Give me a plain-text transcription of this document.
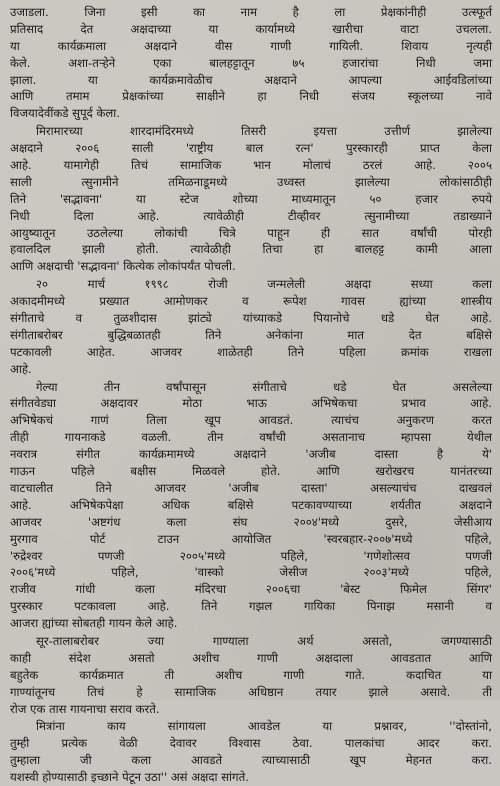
उजाडला. जिना इसी का नाम है ला प्रेक्षकांनीही उत्स्फूर्त
प्रतिसाद देत अक्षदाच्या या कार्यामध्ये खारीचा वाटा उचलला.
या कार्यक्रमाला अक्षदाने वीस गाणी गायिली. शिवाय नृत्यही
केले. अशा-तऱ्हेने एका बालहट्टातून ७५ हजारांचा निधी जमा
झाला. या कार्यक्रमावेळीच अक्षदाने आपल्या आईवडिलांच्या
आणि तमाम प्रेक्षकांच्या साक्षीने हा निधी संजय स्कूलच्या नावे
विजयादेवींकडे सुपूर्द केला.
मिरामारच्या शारदामंदिरमध्ये तिसरी इयत्ता उत्तीर्ण झालेल्या
अक्षदाने २००६ साली 'राष्ट्रीय बाल रत्न' पुरस्कारही प्राप्त केला
आहे. यामागेही तिचं सामाजिक भान मोलाचं ठरलं आहे. २००५
साली त्सुनामीने तमिळनाडूमध्ये उध्वस्त झालेल्या लोकांसाठीही
तिने 'सद्भावना' या स्टेज शोच्या माध्यमातून ५० हजार रुपये
निधी दिला आहे. त्यावेळीही टीव्हीवर त्सुनामीच्या तडाख्याने
आयुष्यातून उठलेल्या लोकांची चित्रे पाहून ही सात वर्षांची पोरही
हवालदिल झाली होती. त्यावेळीही तिचा हा बालहट्ट कामी आला
आणि अक्षदाची 'सद्भावना' कित्येक लोकांपर्यंत पोचली.
२० मार्च १९९८ रोजी जन्मलेली अक्षदा सध्या कला
अकादमीमध्ये प्रख्यात आमोणकर व रूपेश गावस ह्यांच्या शास्त्रीय
संगीताचे व तुळशीदास झांट्ये यांच्याकडे पियानोचे धडे घेत आहे.
संगीताबरोबर बुद्धिबळातही तिने अनेकांना मात देत बक्षिसे
पटकावली आहेत. आजवर शाळेतही तिने पहिला क्रमांक राखला
आहे.
गेल्या तीन वर्षांपासून संगीताचे धडे घेत असलेल्या
संगीतवेड्या अक्षदावर मोठा भाऊ अभिषेकचा प्रभाव आहे.
अभिषेकचं गाणं तिला खूप आवडतं. त्याचंच अनुकरण करत
तीही गायनाकडे वळली. तीन वर्षांची असतानाच म्हापसा येथील
नवरात्र संगीत कार्यक्रमामध्ये अक्षदाने 'अजीब दास्ता है ये'
गाऊन पहिले बक्षीस मिळवले होते. आणि खरोखरच यानंतरच्या
वाटचालीत तिने आजवर 'अजीब दास्ता' असल्याचंच दाखवलं
आहे. अभिषेकपेक्षा अधिक बक्षिसे पटकावण्याच्या शर्यतीत अक्षदाने
आजवर 'अष्टगंध कला संघ २००४'मध्ये दुसरे, जेसीआय
मुरगाव पोर्ट टाउन आयोजित 'स्वरबहार-२००७'मध्ये पहिले,
'रुद्रेश्वर पणजी २००५'मध्ये पहिले, 'गणेशोत्सव पणजी
२००६'मध्ये पहिले, 'वास्को जेसीज २००३'मध्ये पहिले,
राजीव गांधी कला मंदिरचा २००६चा 'बेस्ट फिमेल सिंगर'
पुरस्कार पटकावला आहे. तिने गझल गायिका पिनाझ मसानी व
आजरा ह्यांच्या सोबतही गायन केले आहे.
सूर-तालाबरोबर ज्या गाण्याला अर्थ असतो, जगण्यासाठी
काही संदेश असतो अशीच गाणी अक्षदाला आवडतात आणि
बहुतेक कार्यक्रमात ती अशीच गाणी गाते. कदाचित या
गाण्यांतूनच तिचं हे सामाजिक अधिष्ठान तयार झाले असावे. ती
रोज एक तास गायनाचा सराव करते.
मित्रांना काय सांगायला आवडेल या प्रश्नावर, ''दोस्तांनो,
तुम्ही प्रत्येक वेळी देवावर विश्वास ठेवा. पालकांचा आदर करा.
तुम्हाला जी कला आवडते त्याच्यासाठी खूप मेहनत करा.
यशस्वी होण्यासाठी इच्छाने पेटून उठा'' असं अक्षदा सांगते.
